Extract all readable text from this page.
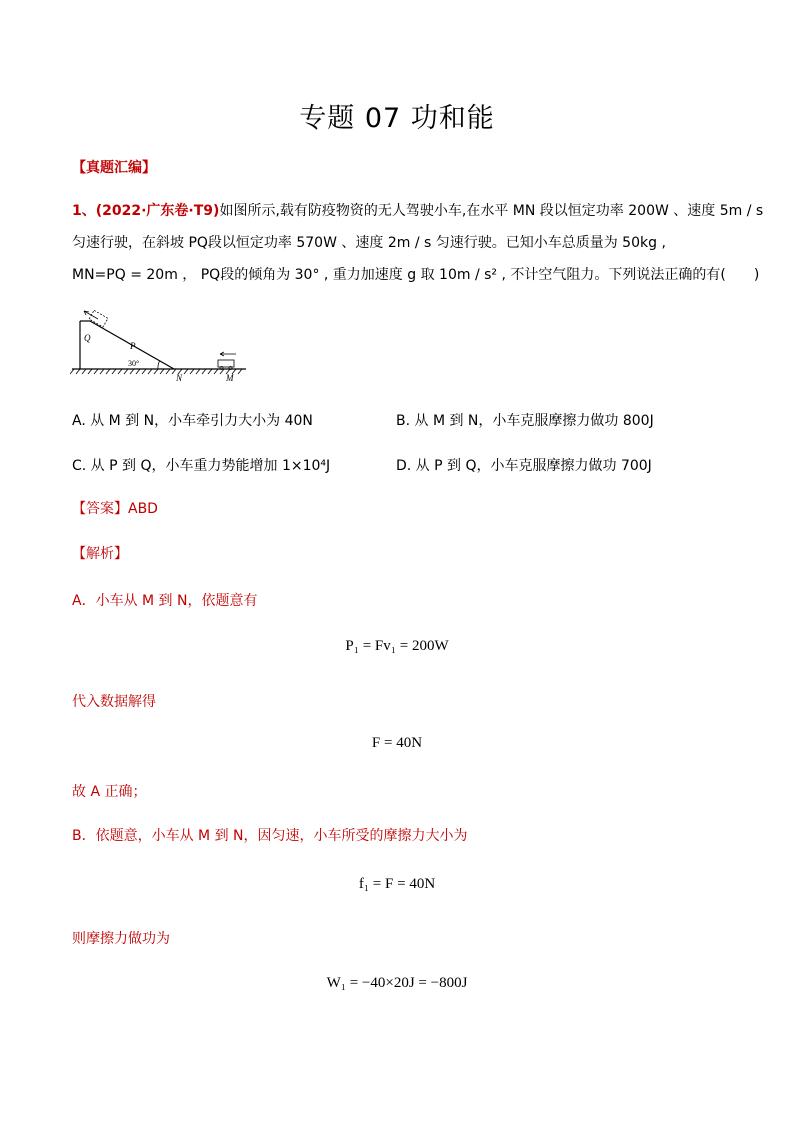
专题 07 功和能
【真题汇编】
1、(2022·广东卷·T9)如图所示,载有防疫物资的无人驾驶小车,在水平 MN 段以恒定功率 200W 、速度 5m / s
匀速行驶，在斜坡 PQ段以恒定功率 570W 、速度 2m / s 匀速行驶。已知小车总质量为 50kg ,
MN=PQ = 20m ， PQ段的倾角为 30° , 重力加速度 g 取 10m / s² , 不计空气阻力。下列说法正确的有(　　)
Q
P
30°
N	M
A. 从 M 到 N，小车牵引力大小为 40N	B. 从 M 到 N，小车克服摩擦力做功 800J
C. 从 P 到 Q，小车重力势能增加 1×10⁴J	D. 从 P 到 Q，小车克服摩擦力做功 700J
【答案】ABD
【解析】
A．小车从 M 到 N，依题意有
P₁ = Fv₁ = 200W
代入数据解得
F = 40N
故 A 正确；
B．依题意，小车从 M 到 N，因匀速，小车所受的摩擦力大小为
f₁ = F = 40N
则摩擦力做功为
W₁ = −40×20J = −800J
